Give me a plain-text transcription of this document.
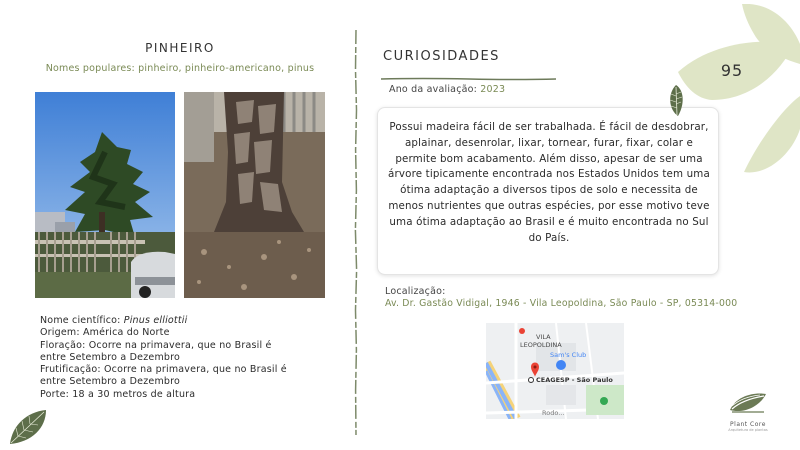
PINHEIRO
Nomes populares: pinheiro, pinheiro-americano, pinus

Nome científico: Pinus elliottii

Origem: América do Norte

Floração: Ocorre na primavera, que no Brasil é

entre Setembro a Dezembro

Frutificação: Ocorre na primavera, que no Brasil é

entre Setembro a Dezembro

Porte: 18 a 30 metros de altura

CURIOSIDADES
Ano da avaliação: 2023
Possui madeira fácil de ser trabalhada. É fácil de desdobrar, aplainar, desenrolar, lixar, tornear, furar, fixar, colar e permite bom acabamento. Além disso, apesar de ser uma árvore tipicamente encontrada nos Estados Unidos tem uma ótima adaptação a diversos tipos de solo e necessita de menos nutrientes que outras espécies, por esse motivo teve uma ótima adaptação ao Brasil e é muito encontrada no Sul do País.
Localização:
Av. Dr. Gastão Vidigal, 1946 - Vila Leopoldina, São Paulo - SP, 05314-000
VILA
LEOPOLDINA
Sam's Club
CEAGESP - São Paulo
Rodo...
95
Plant Core
Arquitetura de plantas
